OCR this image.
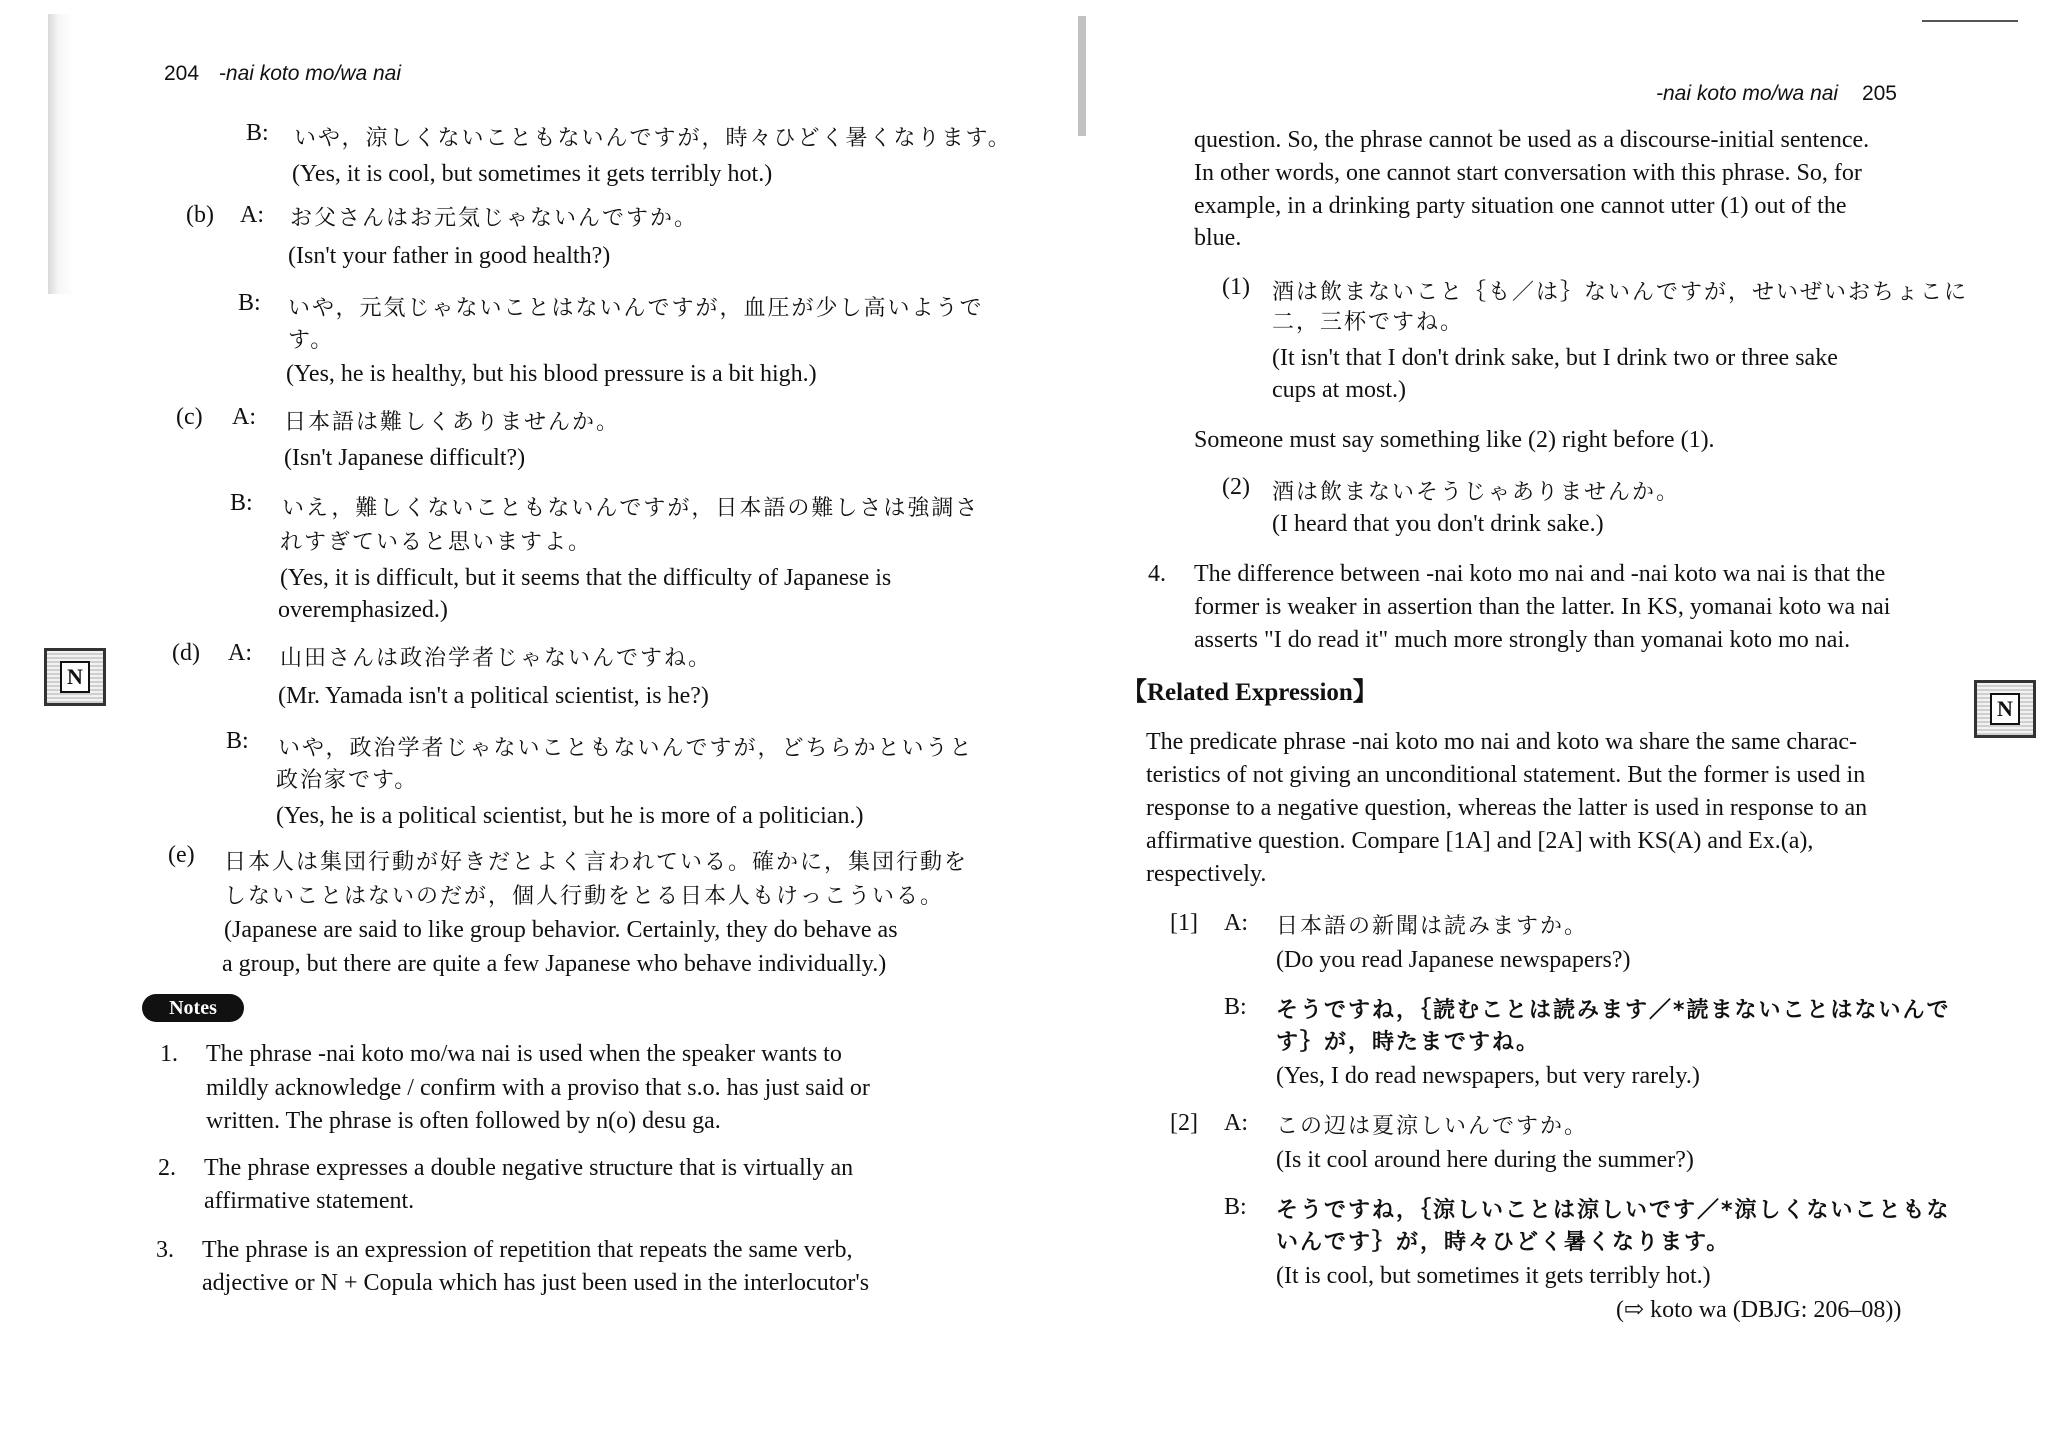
204 -nai koto mo/wa nai
B: いや，涼しくないこともないんですが，時々ひどく暑くなります。
(Yes, it is cool, but sometimes it gets terribly hot.)
(b) A: お父さんはお元気じゃないんですか。
(Isn't your father in good health?)
B: いや，元気じゃないことはないんですが，血圧が少し高いようで
す。
(Yes, he is healthy, but his blood pressure is a bit high.)
(c) A: 日本語は難しくありませんか。
(Isn't Japanese difficult?)
B: いえ，難しくないこともないんですが，日本語の難しさは強調さ
れすぎていると思いますよ。
(Yes, it is difficult, but it seems that the difficulty of Japanese is
overemphasized.)
(d) A: 山田さんは政治学者じゃないんですね。
(Mr. Yamada isn't a political scientist, is he?)
B: いや，政治学者じゃないこともないんですが，どちらかというと
政治家です。
(Yes, he is a political scientist, but he is more of a politician.)
(e) 日本人は集団行動が好きだとよく言われている。確かに，集団行動を
しないことはないのだが，個人行動をとる日本人もけっこういる。
(Japanese are said to like group behavior. Certainly, they do behave as
a group, but there are quite a few Japanese who behave individually.)
Notes
1. The phrase -nai koto mo/wa nai is used when the speaker wants to
mildly acknowledge / confirm with a proviso that s.o. has just said or
written. The phrase is often followed by n(o) desu ga.
2. The phrase expresses a double negative structure that is virtually an
affirmative statement.
3. The phrase is an expression of repetition that repeats the same verb,
adjective or N + Copula which has just been used in the interlocutor's
N
-nai koto mo/wa nai 205
question. So, the phrase cannot be used as a discourse-initial sentence.
In other words, one cannot start conversation with this phrase. So, for
example, in a drinking party situation one cannot utter (1) out of the
blue.
(1) 酒は飲まないこと｛も／は｝ないんですが，せいぜいおちょこに
二，三杯ですね。
(It isn't that I don't drink sake, but I drink two or three sake
cups at most.)
Someone must say something like (2) right before (1).
(2) 酒は飲まないそうじゃありませんか。
(I heard that you don't drink sake.)
4. The difference between -nai koto mo nai and -nai koto wa nai is that the
former is weaker in assertion than the latter. In KS, yomanai koto wa nai
asserts "I do read it" much more strongly than yomanai koto mo nai.
【Related Expression】
The predicate phrase -nai koto mo nai and koto wa share the same charac-
teristics of not giving an unconditional statement. But the former is used in
response to a negative question, whereas the latter is used in response to an
affirmative question. Compare [1A] and [2A] with KS(A) and Ex.(a),
respectively.
[1] A: 日本語の新聞は読みますか。
(Do you read Japanese newspapers?)
B: そうですね，｛読むことは読みます／*読まないことはないんで
す｝が，時たまですね。
(Yes, I do read newspapers, but very rarely.)
[2] A: この辺は夏涼しいんですか。
(Is it cool around here during the summer?)
B: そうですね，｛涼しいことは涼しいです／*涼しくないこともな
いんです｝が，時々ひどく暑くなります。
(It is cool, but sometimes it gets terribly hot.)
(⇨ koto wa (DBJG: 206–08))
N
